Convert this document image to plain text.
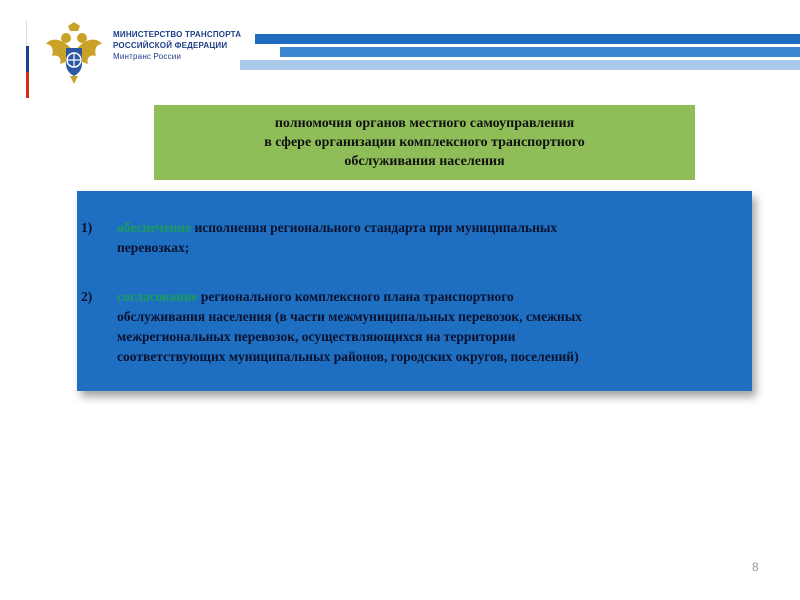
МИНИСТЕРСТВО ТРАНСПОРТА
РОССИЙСКОЙ ФЕДЕРАЦИИ
Минтранс России
полномочия органов местного самоуправления
в сфере организации комплексного транспортного
обслуживания населения
1) обеспечение исполнения регионального стандарта при муниципальных
перевозках;
2) согласование регионального комплексного плана транспортного
обслуживания населения (в части межмуниципальных перевозок, смежных
межрегиональных перевозок, осуществляющихся на территории
соответствующих муниципальных районов, городских округов, поселений)
8
